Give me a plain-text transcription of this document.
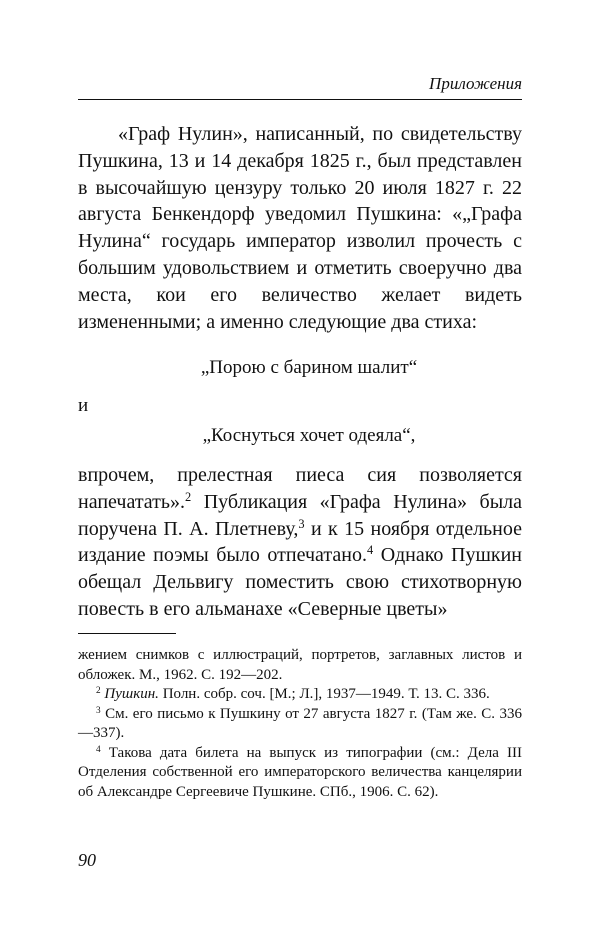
Приложения

«Граф Нулин», написанный, по свидетельству Пушкина, 13 и 14 декабря 1825 г., был представлен в высочайшую цензуру только 20 июля 1827 г. 22 августа Бенкендорф уведомил Пушкина: «„Графа Нулина“ государь император изволил прочесть с большим удовольствием и отметить своеручно два места, кои его величество желает видеть измененными; а именно следующие два стиха:

„Порою с барином шалит“
и
„Коснуться хочет одеяла“,

впрочем, прелестная пиеса сия позволяется напечатать».$^2$ Публикация «Графа Нулина» была поручена П. А. Плетневу,$^3$ и к 15 ноября отдельное издание поэмы было отпечатано.$^4$ Однако Пушкин обещал Дельвигу поместить свою стихотворную повесть в его альманахе «Северные цветы»

жением снимков с иллюстраций, портретов, заглавных листов и обложек. М., 1962. С. 192—202.

$^2$ Пушкин. Полн. собр. соч. [М.; Л.], 1937—1949. Т. 13. С. 336.

$^3$ См. его письмо к Пушкину от 27 августа 1827 г. (Там же. С. 336—337).

$^4$ Такова дата билета на выпуск из типографии (см.: Дела III Отделения собственной его императорского величества канцелярии об Александре Сергеевиче Пушкине. СПб., 1906. С. 62).

90
